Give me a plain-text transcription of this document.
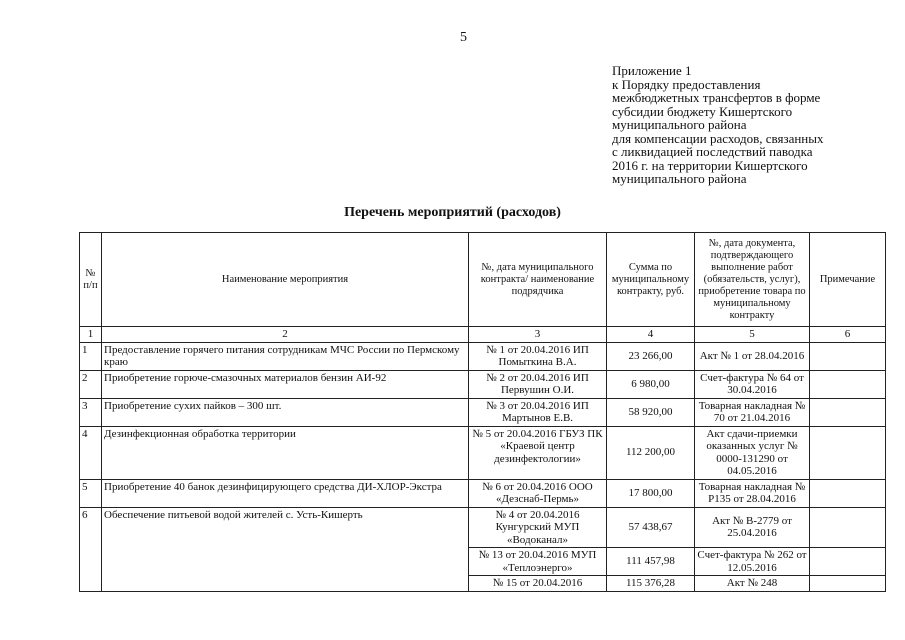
5
Приложение 1
к Порядку предоставления
межбюджетных трансфертов в форме
субсидии бюджету Кишертского
муниципального района
для компенсации расходов, связанных
с ликвидацией последствий паводка
2016 г. на территории Кишертского
муниципального района
Перечень мероприятий (расходов)
№ п/п	Наименование мероприятия	№, дата муниципального контракта/ наименование подрядчика	Сумма по муниципальному контракту, руб.	№, дата документа, подтверждающего выполнение работ (обязательств, услуг), приобретение товара по муниципальному контракту	Примечание
1	2	3	4	5	6
1	Предоставление горячего питания сотрудникам МЧС России по Пермскому краю	№ 1 от 20.04.2016 ИП Помыткина В.А.	23 266,00	Акт № 1 от 28.04.2016	
2	Приобретение горюче-смазочных материалов бензин АИ-92	№ 2 от 20.04.2016 ИП Первушин О.И.	6 980,00	Счет-фактура № 64 от 30.04.2016	
3	Приобретение сухих пайков – 300 шт.	№ 3 от 20.04.2016 ИП Мартынов Е.В.	58 920,00	Товарная накладная № 70 от 21.04.2016	
4	Дезинфекционная обработка территории	№ 5 от 20.04.2016 ГБУЗ ПК «Краевой центр дезинфектологии»	112 200,00	Акт сдачи-приемки оказанных услуг № 0000-131290 от 04.05.2016	
5	Приобретение 40 банок дезинфицирующего средства ДИ-ХЛОР-Экстра	№ 6 от 20.04.2016 ООО «Дезснаб-Пермь»	17 800,00	Товарная накладная № Р135 от 28.04.2016	
6	Обеспечение питьевой водой жителей с. Усть-Кишерть	№ 4 от 20.04.2016 Кунгурский МУП «Водоканал»	57 438,67	Акт № В-2779 от 25.04.2016	
		№ 13 от 20.04.2016 МУП «Теплоэнерго»	111 457,98	Счет-фактура № 262 от 12.05.2016	
		№ 15 от 20.04.2016	115 376,28	Акт № 248	
